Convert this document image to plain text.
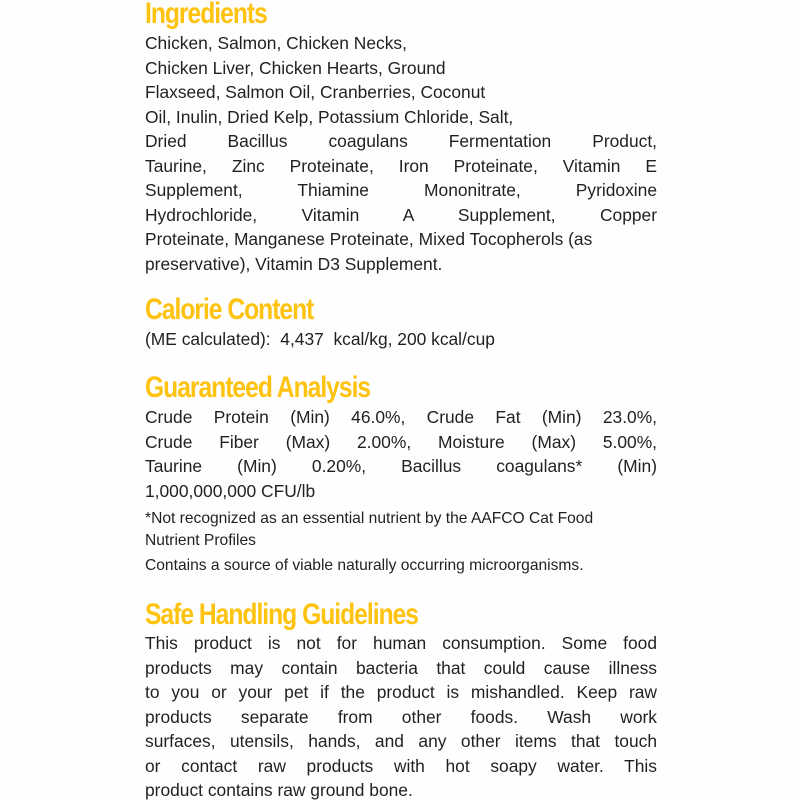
Ingredients
Chicken, Salmon, Chicken Necks,
Chicken Liver, Chicken Hearts, Ground
Flaxseed, Salmon Oil, Cranberries, Coconut
Oil, Inulin, Dried Kelp, Potassium Chloride, Salt,
Dried Bacillus coagulans Fermentation Product,
Taurine, Zinc Proteinate, Iron Proteinate, Vitamin E
Supplement, Thiamine Mononitrate, Pyridoxine
Hydrochloride, Vitamin A Supplement, Copper
Proteinate, Manganese Proteinate, Mixed Tocopherols (as
preservative), Vitamin D3 Supplement.
Calorie Content
(ME calculated):  4,437  kcal/kg, 200 kcal/cup
Guaranteed Analysis
Crude Protein (Min) 46.0%, Crude Fat (Min) 23.0%,
Crude Fiber (Max) 2.00%, Moisture (Max) 5.00%,
Taurine (Min) 0.20%, Bacillus coagulans* (Min)
1,000,000,000 CFU/lb
*Not recognized as an essential nutrient by the AAFCO Cat Food
Nutrient Profiles
Contains a source of viable naturally occurring microorganisms.
Safe Handling Guidelines
This product is not for human consumption. Some food
products may contain bacteria that could cause illness
to you or your pet if the product is mishandled. Keep raw
products separate from other foods. Wash work
surfaces, utensils, hands, and any other items that touch
or contact raw products with hot soapy water. This
product contains raw ground bone.
